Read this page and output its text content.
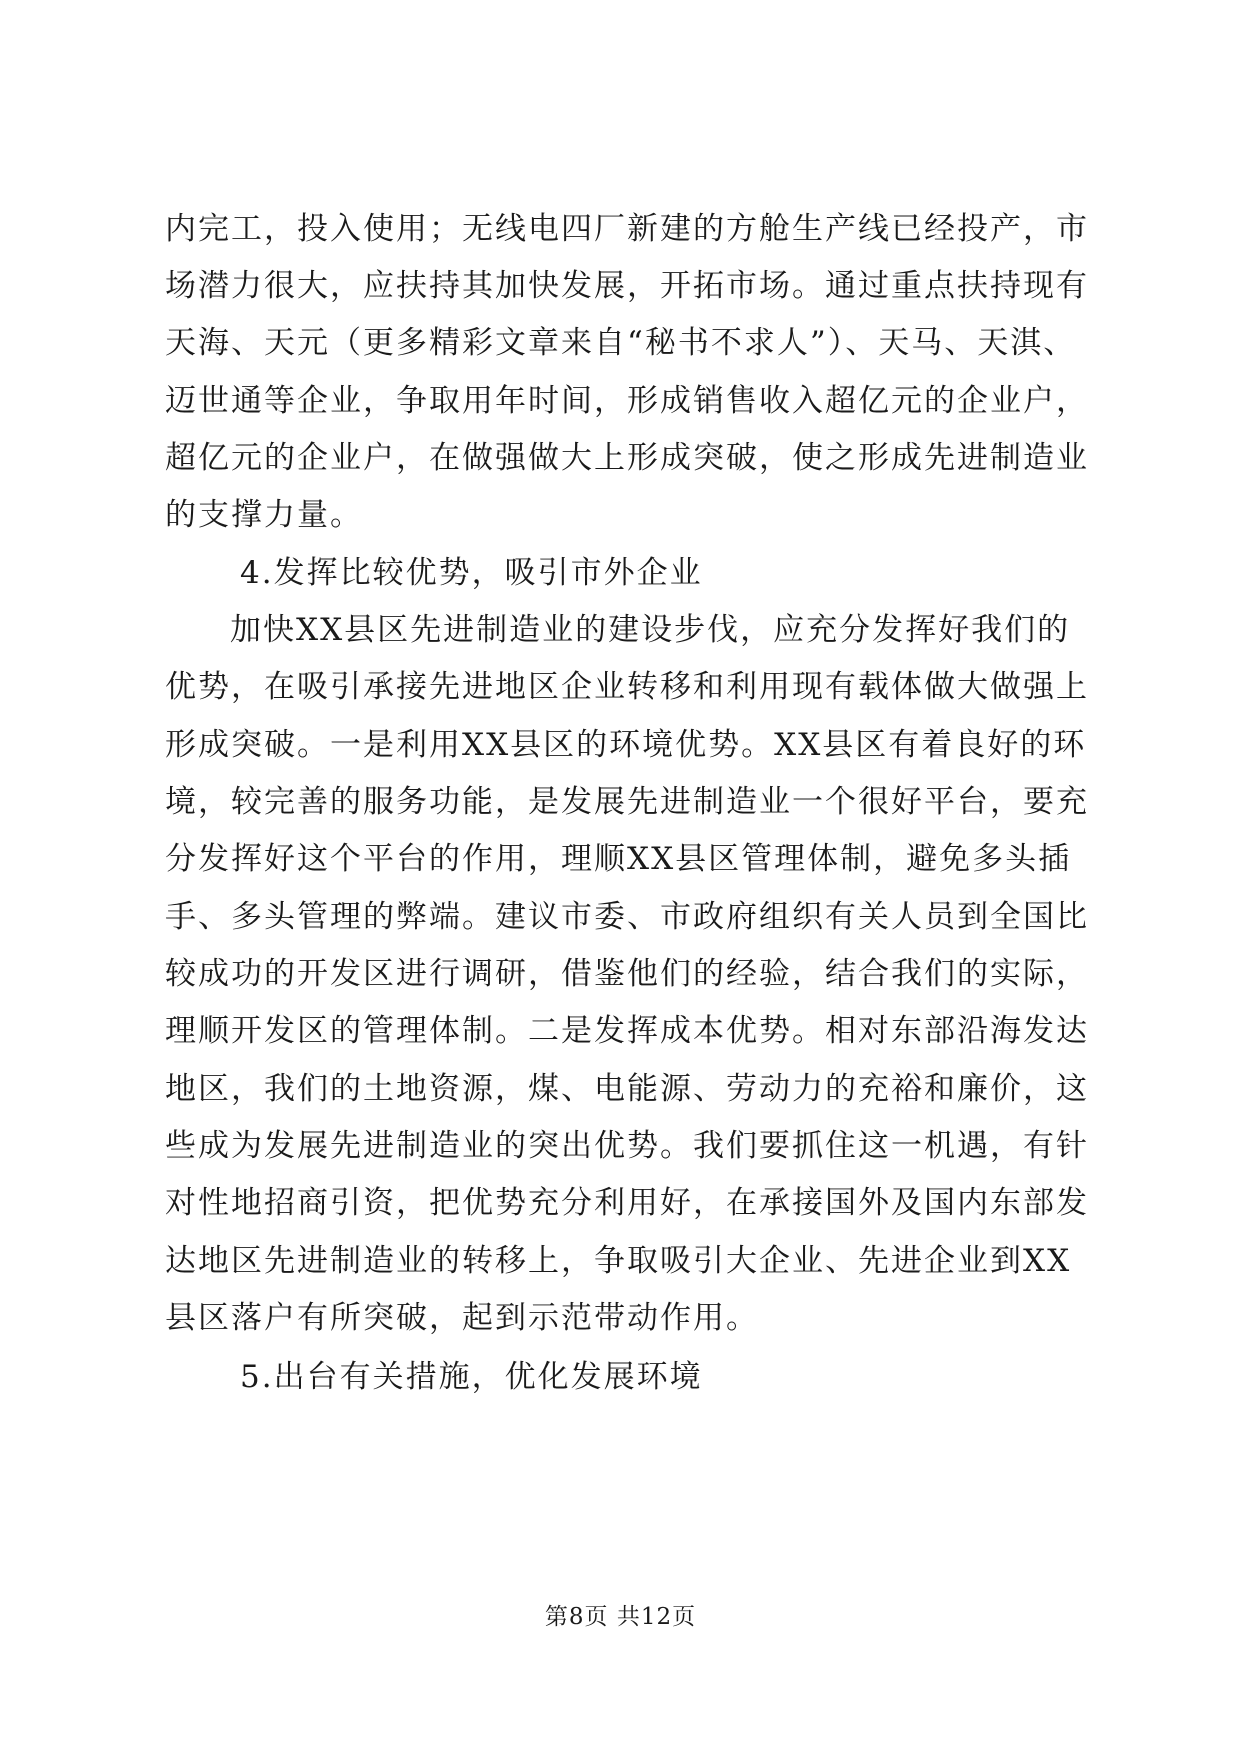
内完工，投入使用；无线电四厂新建的方舱生产线已经投产，市
场潜力很大，应扶持其加快发展，开拓市场。通过重点扶持现有
天海、天元（更多精彩文章来自“秘书不求人”）、天马、天淇、
迈世通等企业，争取用年时间，形成销售收入超亿元的企业户，
超亿元的企业户，在做强做大上形成突破，使之形成先进制造业
的支撑力量。
4.发挥比较优势，吸引市外企业
加快XX县区先进制造业的建设步伐，应充分发挥好我们的
优势，在吸引承接先进地区企业转移和利用现有载体做大做强上
形成突破。一是利用XX县区的环境优势。XX县区有着良好的环
境，较完善的服务功能，是发展先进制造业一个很好平台，要充
分发挥好这个平台的作用，理顺XX县区管理体制，避免多头插
手、多头管理的弊端。建议市委、市政府组织有关人员到全国比
较成功的开发区进行调研，借鉴他们的经验，结合我们的实际，
理顺开发区的管理体制。二是发挥成本优势。相对东部沿海发达
地区，我们的土地资源，煤、电能源、劳动力的充裕和廉价，这
些成为发展先进制造业的突出优势。我们要抓住这一机遇，有针
对性地招商引资，把优势充分利用好，在承接国外及国内东部发
达地区先进制造业的转移上，争取吸引大企业、先进企业到XX
县区落户有所突破，起到示范带动作用。
5.出台有关措施，优化发展环境
第8页 共12页
